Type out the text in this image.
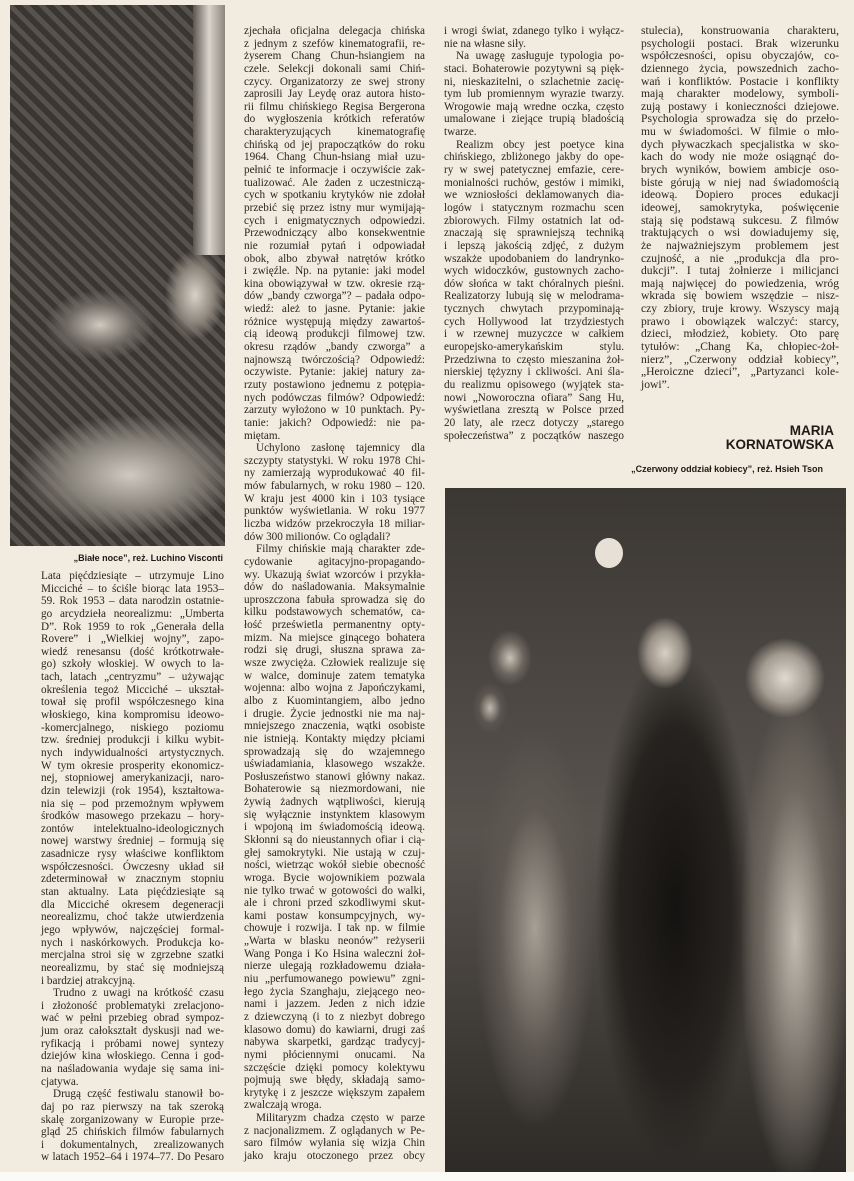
„Białe noce”, reż. Luchino Visconti
„Czerwony oddział kobiecy”, reż. Hsieh Tson
Lata pięćdziesiąte – utrzymuje Lino
Micciché – to ściśle biorąc lata 1953–
59. Rok 1953 – data narodzin ostatnie-
go arcydzieła neorealizmu: „Umberta
D”. Rok 1959 to rok „Generała della
Rovere” i „Wielkiej wojny”, zapo-
wiedź renesansu (dość krótkotrwałe-
go) szkoły włoskiej. W owych to la-
tach, latach „centryzmu” – używając
określenia tegoż Micciché – ukształ-
tował się profil współczesnego kina
włoskiego, kina kompromisu ideowo-
-komercjalnego, niskiego poziomu
tzw. średniej produkcji i kilku wybit-
nych indywidualności artystycznych.
W tym okresie prosperity ekonomicz-
nej, stopniowej amerykanizacji, naro-
dzin telewizji (rok 1954), kształtowa-
nia się – pod przemożnym wpływem
środków masowego przekazu – hory-
zontów intelektualno-ideologicznych
nowej warstwy średniej – formują się
zasadnicze rysy właściwe konfliktom
współczesności. Ówczesny układ sił
zdeterminował w znacznym stopniu
stan aktualny. Lata pięćdziesiąte są
dla Micciché okresem degeneracji
neorealizmu, choć także utwierdzenia
jego wpływów, najczęściej formal-
nych i naskórkowych. Produkcja ko-
mercjalna stroi się w zgrzebne szatki
neorealizmu, by stać się modniejszą
i bardziej atrakcyjną.
Trudno z uwagi na krótkość czasu
i złożoność problematyki zrelacjono-
wać w pełni przebieg obrad sympoz-
jum oraz całokształt dyskusji nad we-
ryfikacją i próbami nowej syntezy
dziejów kina włoskiego. Cenna i god-
na naśladowania wydaje się sama ini-
cjatywa.
Drugą część festiwalu stanowił bo-
daj po raz pierwszy na tak szeroką
skalę zorganizowany w Europie prze-
gląd 25 chińskich filmów fabularnych
i dokumentalnych, zrealizowanych
w latach 1952–64 i 1974–77. Do Pesaro
zjechała oficjalna delegacja chińska
z jednym z szefów kinematografii, re-
żyserem Chang Chun-hsiangiem na
czele. Selekcji dokonali sami Chiń-
czycy. Organizatorzy ze swej strony
zaprosili Jay Leydę oraz autora histo-
rii filmu chińskiego Regisa Bergerona
do wygłoszenia krótkich referatów
charakteryzujących kinematografię
chińską od jej prapoczątków do roku
1964. Chang Chun-hsiang miał uzu-
pełnić te informacje i oczywiście zak-
tualizować. Ale żaden z uczestniczą-
cych w spotkaniu krytyków nie zdołał
przebić się przez istny mur wymijają-
cych i enigmatycznych odpowiedzi.
Przewodniczący albo konsekwentnie
nie rozumiał pytań i odpowiadał
obok, albo zbywał natrętów krótko
i zwięźle. Np. na pytanie: jaki model
kina obowiązywał w tzw. okresie rzą-
dów „bandy czworga”? – padała odpo-
wiedź: ależ to jasne. Pytanie: jakie
różnice występują między zawartoś-
cią ideową produkcji filmowej tzw.
okresu rządów „bandy czworga” a
najnowszą twórczością? Odpowiedź:
oczywiste. Pytanie: jakiej natury za-
rzuty postawiono jednemu z potępia-
nych podówczas filmów? Odpowiedź:
zarzuty wyłożono w 10 punktach. Py-
tanie: jakich? Odpowiedź: nie pa-
miętam.
Uchylono zasłonę tajemnicy dla
szczypty statystyki. W roku 1978 Chi-
ny zamierzają wyprodukować 40 fil-
mów fabularnych, w roku 1980 – 120.
W kraju jest 4000 kin i 103 tysiące
punktów wyświetlania. W roku 1977
liczba widzów przekroczyła 18 miliar-
dów 300 milionów. Co oglądali?
Filmy chińskie mają charakter zde-
cydowanie agitacyjno-propagando-
wy. Ukazują świat wzorców i przykła-
dów do naśladowania. Maksymalnie
uproszczona fabuła sprowadza się do
kilku podstawowych schematów, ca-
łość prześwietla permanentny opty-
mizm. Na miejsce ginącego bohatera
rodzi się drugi, słuszna sprawa za-
wsze zwycięża. Człowiek realizuje się
w walce, dominuje zatem tematyka
wojenna: albo wojna z Japończykami,
albo z Kuomintangiem, albo jedno
i drugie. Życie jednostki nie ma naj-
mniejszego znaczenia, wątki osobiste
nie istnieją. Kontakty między płciami
sprowadzają się do wzajemnego
uświadamiania, klasowego wszakże.
Posłuszeństwo stanowi główny nakaz.
Bohaterowie są niezmordowani, nie
żywią żadnych wątpliwości, kierują
się wyłącznie instynktem klasowym
i wpojoną im świadomością ideową.
Skłonni są do nieustannych ofiar i cią-
głej samokrytyki. Nie ustają w czuj-
ności, wietrząc wokół siebie obecność
wroga. Bycie wojownikiem pozwala
nie tylko trwać w gotowości do walki,
ale i chroni przed szkodliwymi skut-
kami postaw konsumpcyjnych, wy-
chowuje i rozwija. I tak np. w filmie
„Warta w blasku neonów” reżyserii
Wang Ponga i Ko Hsina waleczni żoł-
nierze ulegają rozkładowemu działa-
niu „perfumowanego powiewu” zgni-
łego życia Szanghaju, ziejącego neo-
nami i jazzem. Jeden z nich idzie
z dziewczyną (i to z niezbyt dobrego
klasowo domu) do kawiarni, drugi zaś
nabywa skarpetki, gardząc tradycyj-
nymi płóciennymi onucami. Na
szczęście dzięki pomocy kolektywu
pojmują swe błędy, składają samo-
krytykę i z jeszcze większym zapałem
zwalczają wroga.
Militaryzm chadza często w parze
z nacjonalizmem. Z oglądanych w Pe-
saro filmów wyłania się wizja Chin
jako kraju otoczonego przez obcy
i wrogi świat, zdanego tylko i wyłącz-
nie na własne siły.
Na uwagę zasługuje typologia po-
staci. Bohaterowie pozytywni są pięk-
ni, nieskazitelni, o szlachetnie zacię-
tym lub promiennym wyrazie twarzy.
Wrogowie mają wredne oczka, często
umalowane i ziejące trupią bladością
twarze.
Realizm obcy jest poetyce kina
chińskiego, zbliżonego jakby do ope-
ry w swej patetycznej emfazie, cere-
monialności ruchów, gestów i mimiki,
we wzniosłości deklamowanych dia-
logów i statycznym rozmachu scen
zbiorowych. Filmy ostatnich lat od-
znaczają się sprawniejszą techniką
i lepszą jakością zdjęć, z dużym
wszakże upodobaniem do landrynko-
wych widoczków, gustownych zacho-
dów słońca w takt chóralnych pieśni.
Realizatorzy lubują się w melodrama-
tycznych chwytach przypominają-
cych Hollywood lat trzydziestych
i w rzewnej muzyczce w całkiem
europejsko-amerykańskim stylu.
Przedziwna to często mieszanina żoł-
nierskiej tężyzny i ckliwości. Ani śla-
du realizmu opisowego (wyjątek sta-
nowi „Noworoczna ofiara” Sang Hu,
wyświetlana zresztą w Polsce przed
20 laty, ale rzecz dotyczy „starego
społeczeństwa” z początków naszego
stulecia), konstruowania charakteru,
psychologii postaci. Brak wizerunku
współczesności, opisu obyczajów, co-
dziennego życia, powszednich zacho-
wań i konfliktów. Postacie i konflikty
mają charakter modelowy, symboli-
zują postawy i konieczności dziejowe.
Psychologia sprowadza się do przeło-
mu w świadomości. W filmie o mło-
dych pływaczkach specjalistka w sko-
kach do wody nie może osiągnąć do-
brych wyników, bowiem ambicje oso-
biste górują w niej nad świadomością
ideową. Dopiero proces edukacji
ideowej, samokrytyka, poświęcenie
stają się podstawą sukcesu. Z filmów
traktujących o wsi dowiadujemy się,
że najważniejszym problemem jest
czujność, a nie „produkcja dla pro-
dukcji”. I tutaj żołnierze i milicjanci
mają najwięcej do powiedzenia, wróg
wkrada się bowiem wszędzie – nisz-
czy zbiory, truje krowy. Wszyscy mają
prawo i obowiązek walczyć: starcy,
dzieci, młodzież, kobiety. Oto parę
tytułów: „Chang Ka, chłopiec-żoł-
nierz”, „Czerwony oddział kobiecy”,
„Heroiczne dzieci”, „Partyzanci kole-
jowi”.
MARIA
KORNATOWSKA
